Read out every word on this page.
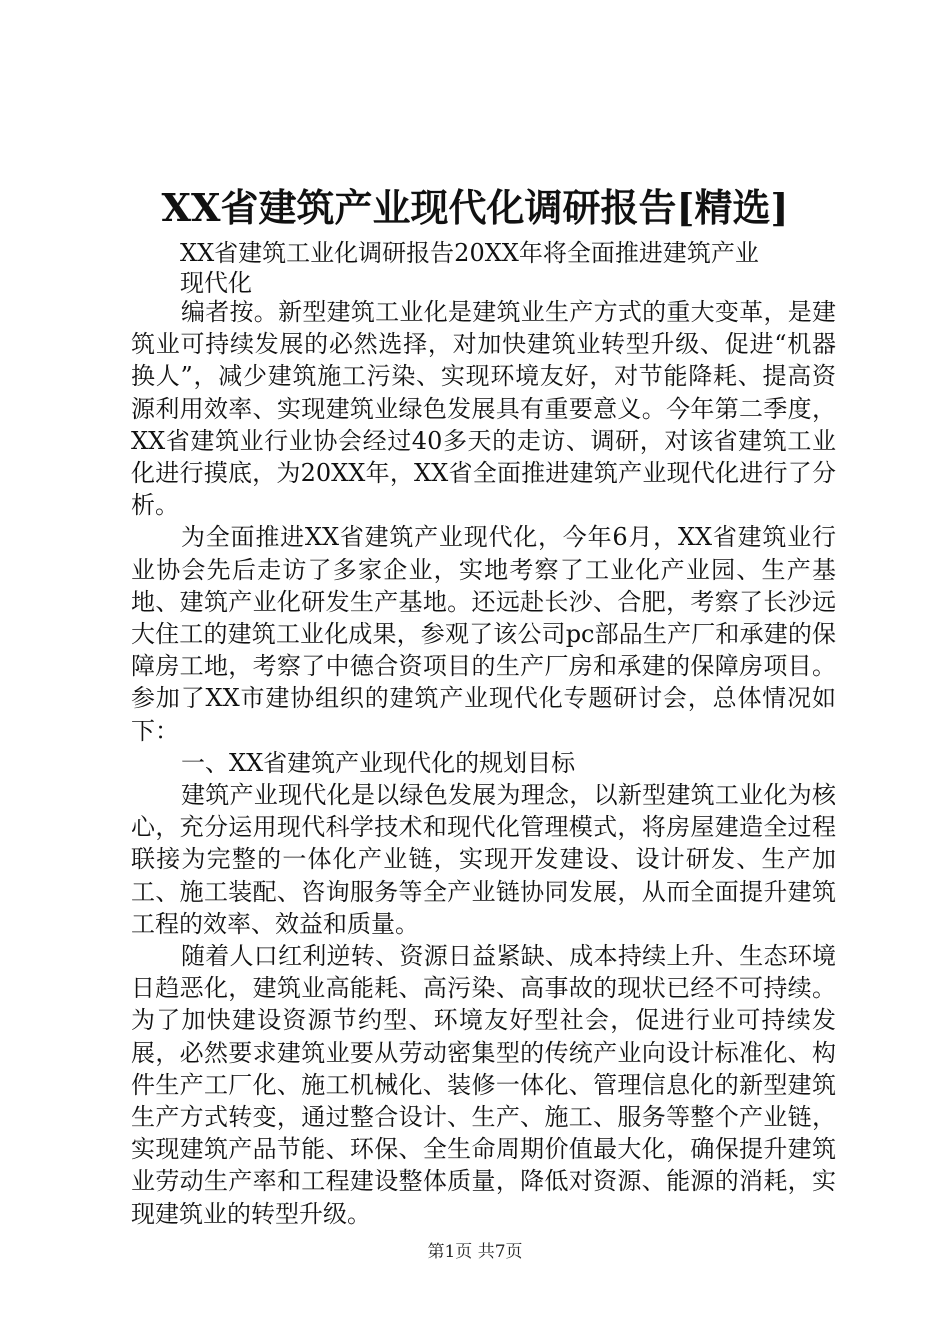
XX省建筑产业现代化调研报告[精选]
XX省建筑工业化调研报告20XX年将全面推进建筑产业
现代化

编者按。新型建筑工业化是建筑业生产方式的重大变革，是建筑业可持续发展的必然选择，对加快建筑业转型升级、促进“机器换人”，减少建筑施工污染、实现环境友好，对节能降耗、提高资源利用效率、实现建筑业绿色发展具有重要意义。今年第二季度，XX省建筑业行业协会经过40多天的走访、调研，对该省建筑工业化进行摸底，为20XX年，XX省全面推进建筑产业现代化进行了分析。

为全面推进XX省建筑产业现代化，今年6月，XX省建筑业行业协会先后走访了多家企业，实地考察了工业化产业园、生产基地、建筑产业化研发生产基地。还远赴长沙、合肥，考察了长沙远大住工的建筑工业化成果，参观了该公司pc部品生产厂和承建的保障房工地，考察了中德合资项目的生产厂房和承建的保障房项目。参加了XX市建协组织的建筑产业现代化专题研讨会，总体情况如下：

一、XX省建筑产业现代化的规划目标

建筑产业现代化是以绿色发展为理念，以新型建筑工业化为核心，充分运用现代科学技术和现代化管理模式，将房屋建造全过程联接为完整的一体化产业链，实现开发建设、设计研发、生产加工、施工装配、咨询服务等全产业链协同发展，从而全面提升建筑工程的效率、效益和质量。

随着人口红利逆转、资源日益紧缺、成本持续上升、生态环境日趋恶化，建筑业高能耗、高污染、高事故的现状已经不可持续。为了加快建设资源节约型、环境友好型社会，促进行业可持续发展，必然要求建筑业要从劳动密集型的传统产业向设计标准化、构件生产工厂化、施工机械化、装修一体化、管理信息化的新型建筑生产方式转变，通过整合设计、生产、施工、服务等整个产业链，实现建筑产品节能、环保、全生命周期价值最大化，确保提升建筑业劳动生产率和工程建设整体质量，降低对资源、能源的消耗，实现建筑业的转型升级。

第1页 共7页
